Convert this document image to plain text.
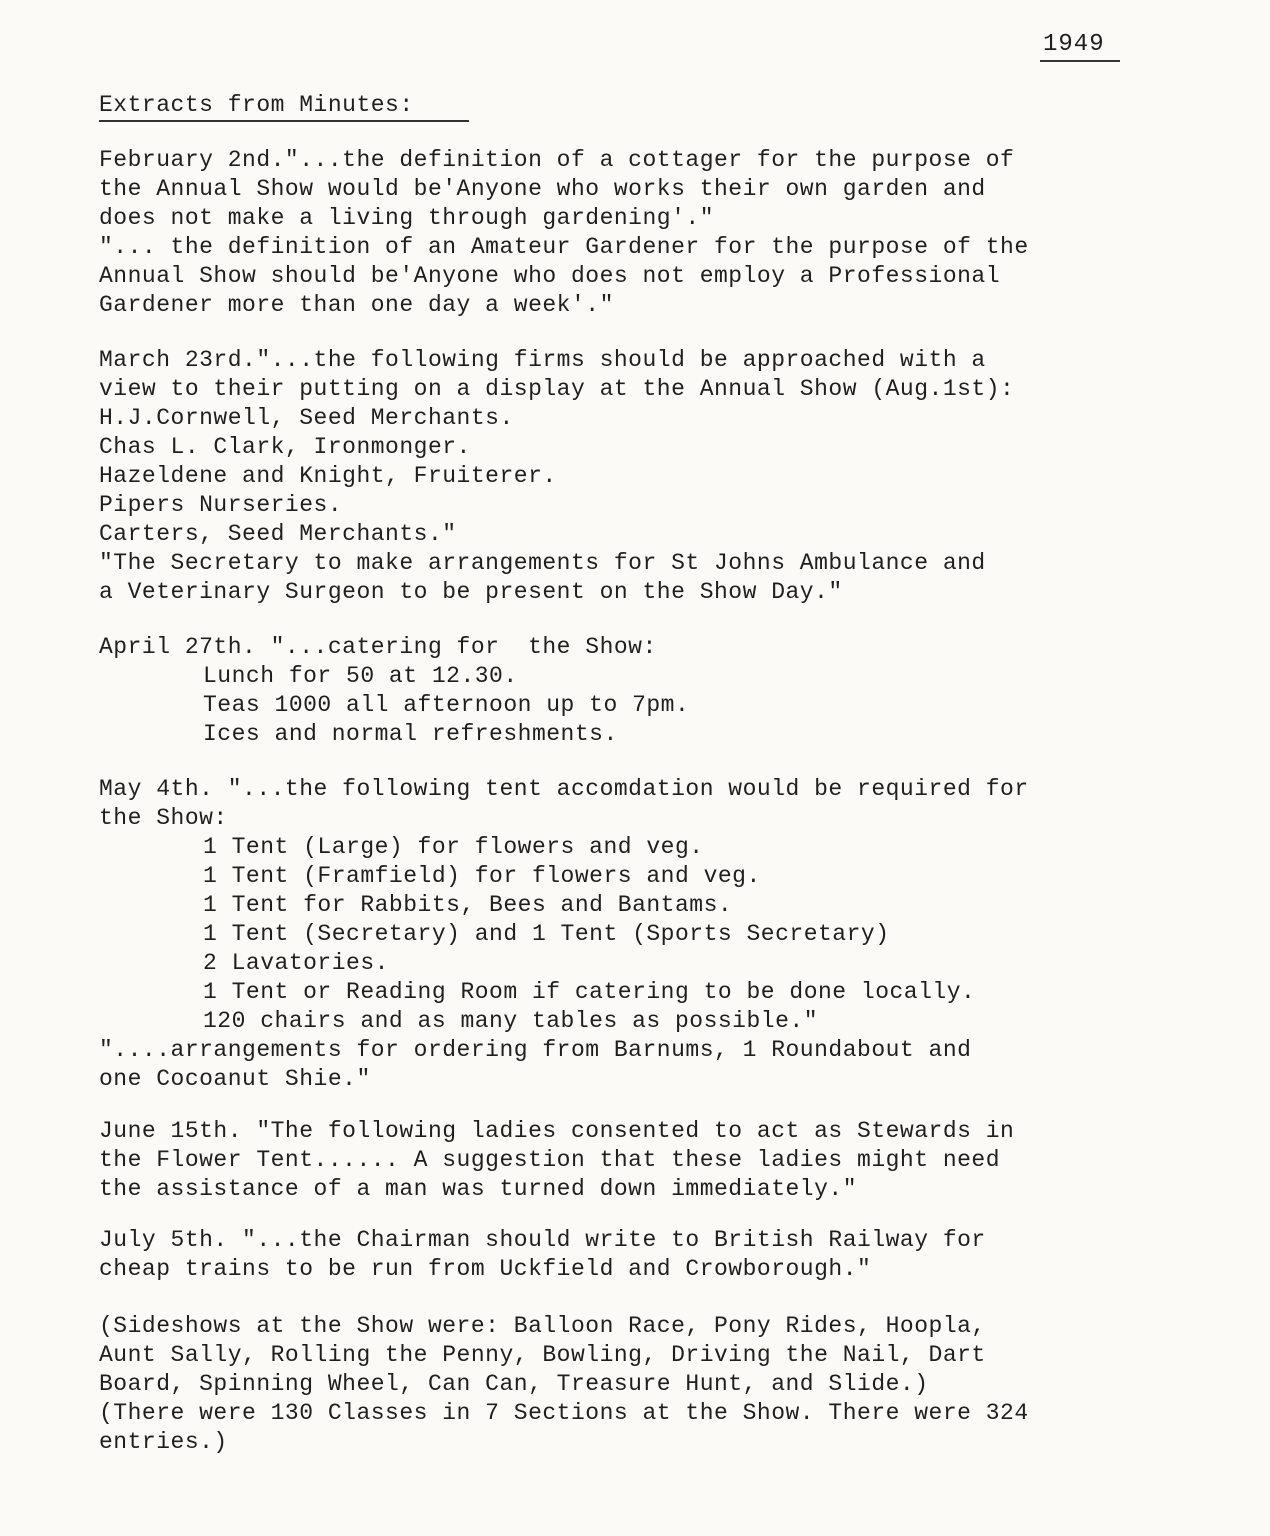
1949
Extracts from Minutes:
February 2nd."...the definition of a cottager for the purpose of
the Annual Show would be'Anyone who works their own garden and
does not make a living through gardening'."
"... the definition of an Amateur Gardener for the purpose of the
Annual Show should be'Anyone who does not employ a Professional
Gardener more than one day a week'."
March 23rd."...the following firms should be approached with a
view to their putting on a display at the Annual Show (Aug.1st):
H.J.Cornwell, Seed Merchants.
Chas L. Clark, Ironmonger.
Hazeldene and Knight, Fruiterer.
Pipers Nurseries.
Carters, Seed Merchants."
"The Secretary to make arrangements for St Johns Ambulance and
a Veterinary Surgeon to be present on the Show Day."
April 27th. "...catering for  the Show:
Lunch for 50 at 12.30.
Teas 1000 all afternoon up to 7pm.
Ices and normal refreshments.
May 4th. "...the following tent accomdation would be required for
the Show:
1 Tent (Large) for flowers and veg.
1 Tent (Framfield) for flowers and veg.
1 Tent for Rabbits, Bees and Bantams.
1 Tent (Secretary) and 1 Tent (Sports Secretary)
2 Lavatories.
1 Tent or Reading Room if catering to be done locally.
120 chairs and as many tables as possible."
"....arrangements for ordering from Barnums, 1 Roundabout and
one Cocoanut Shie."
June 15th. "The following ladies consented to act as Stewards in
the Flower Tent...... A suggestion that these ladies might need
the assistance of a man was turned down immediately."
July 5th. "...the Chairman should write to British Railway for
cheap trains to be run from Uckfield and Crowborough."
(Sideshows at the Show were: Balloon Race, Pony Rides, Hoopla,
Aunt Sally, Rolling the Penny, Bowling, Driving the Nail, Dart
Board, Spinning Wheel, Can Can, Treasure Hunt, and Slide.)
(There were 130 Classes in 7 Sections at the Show. There were 324
entries.)
